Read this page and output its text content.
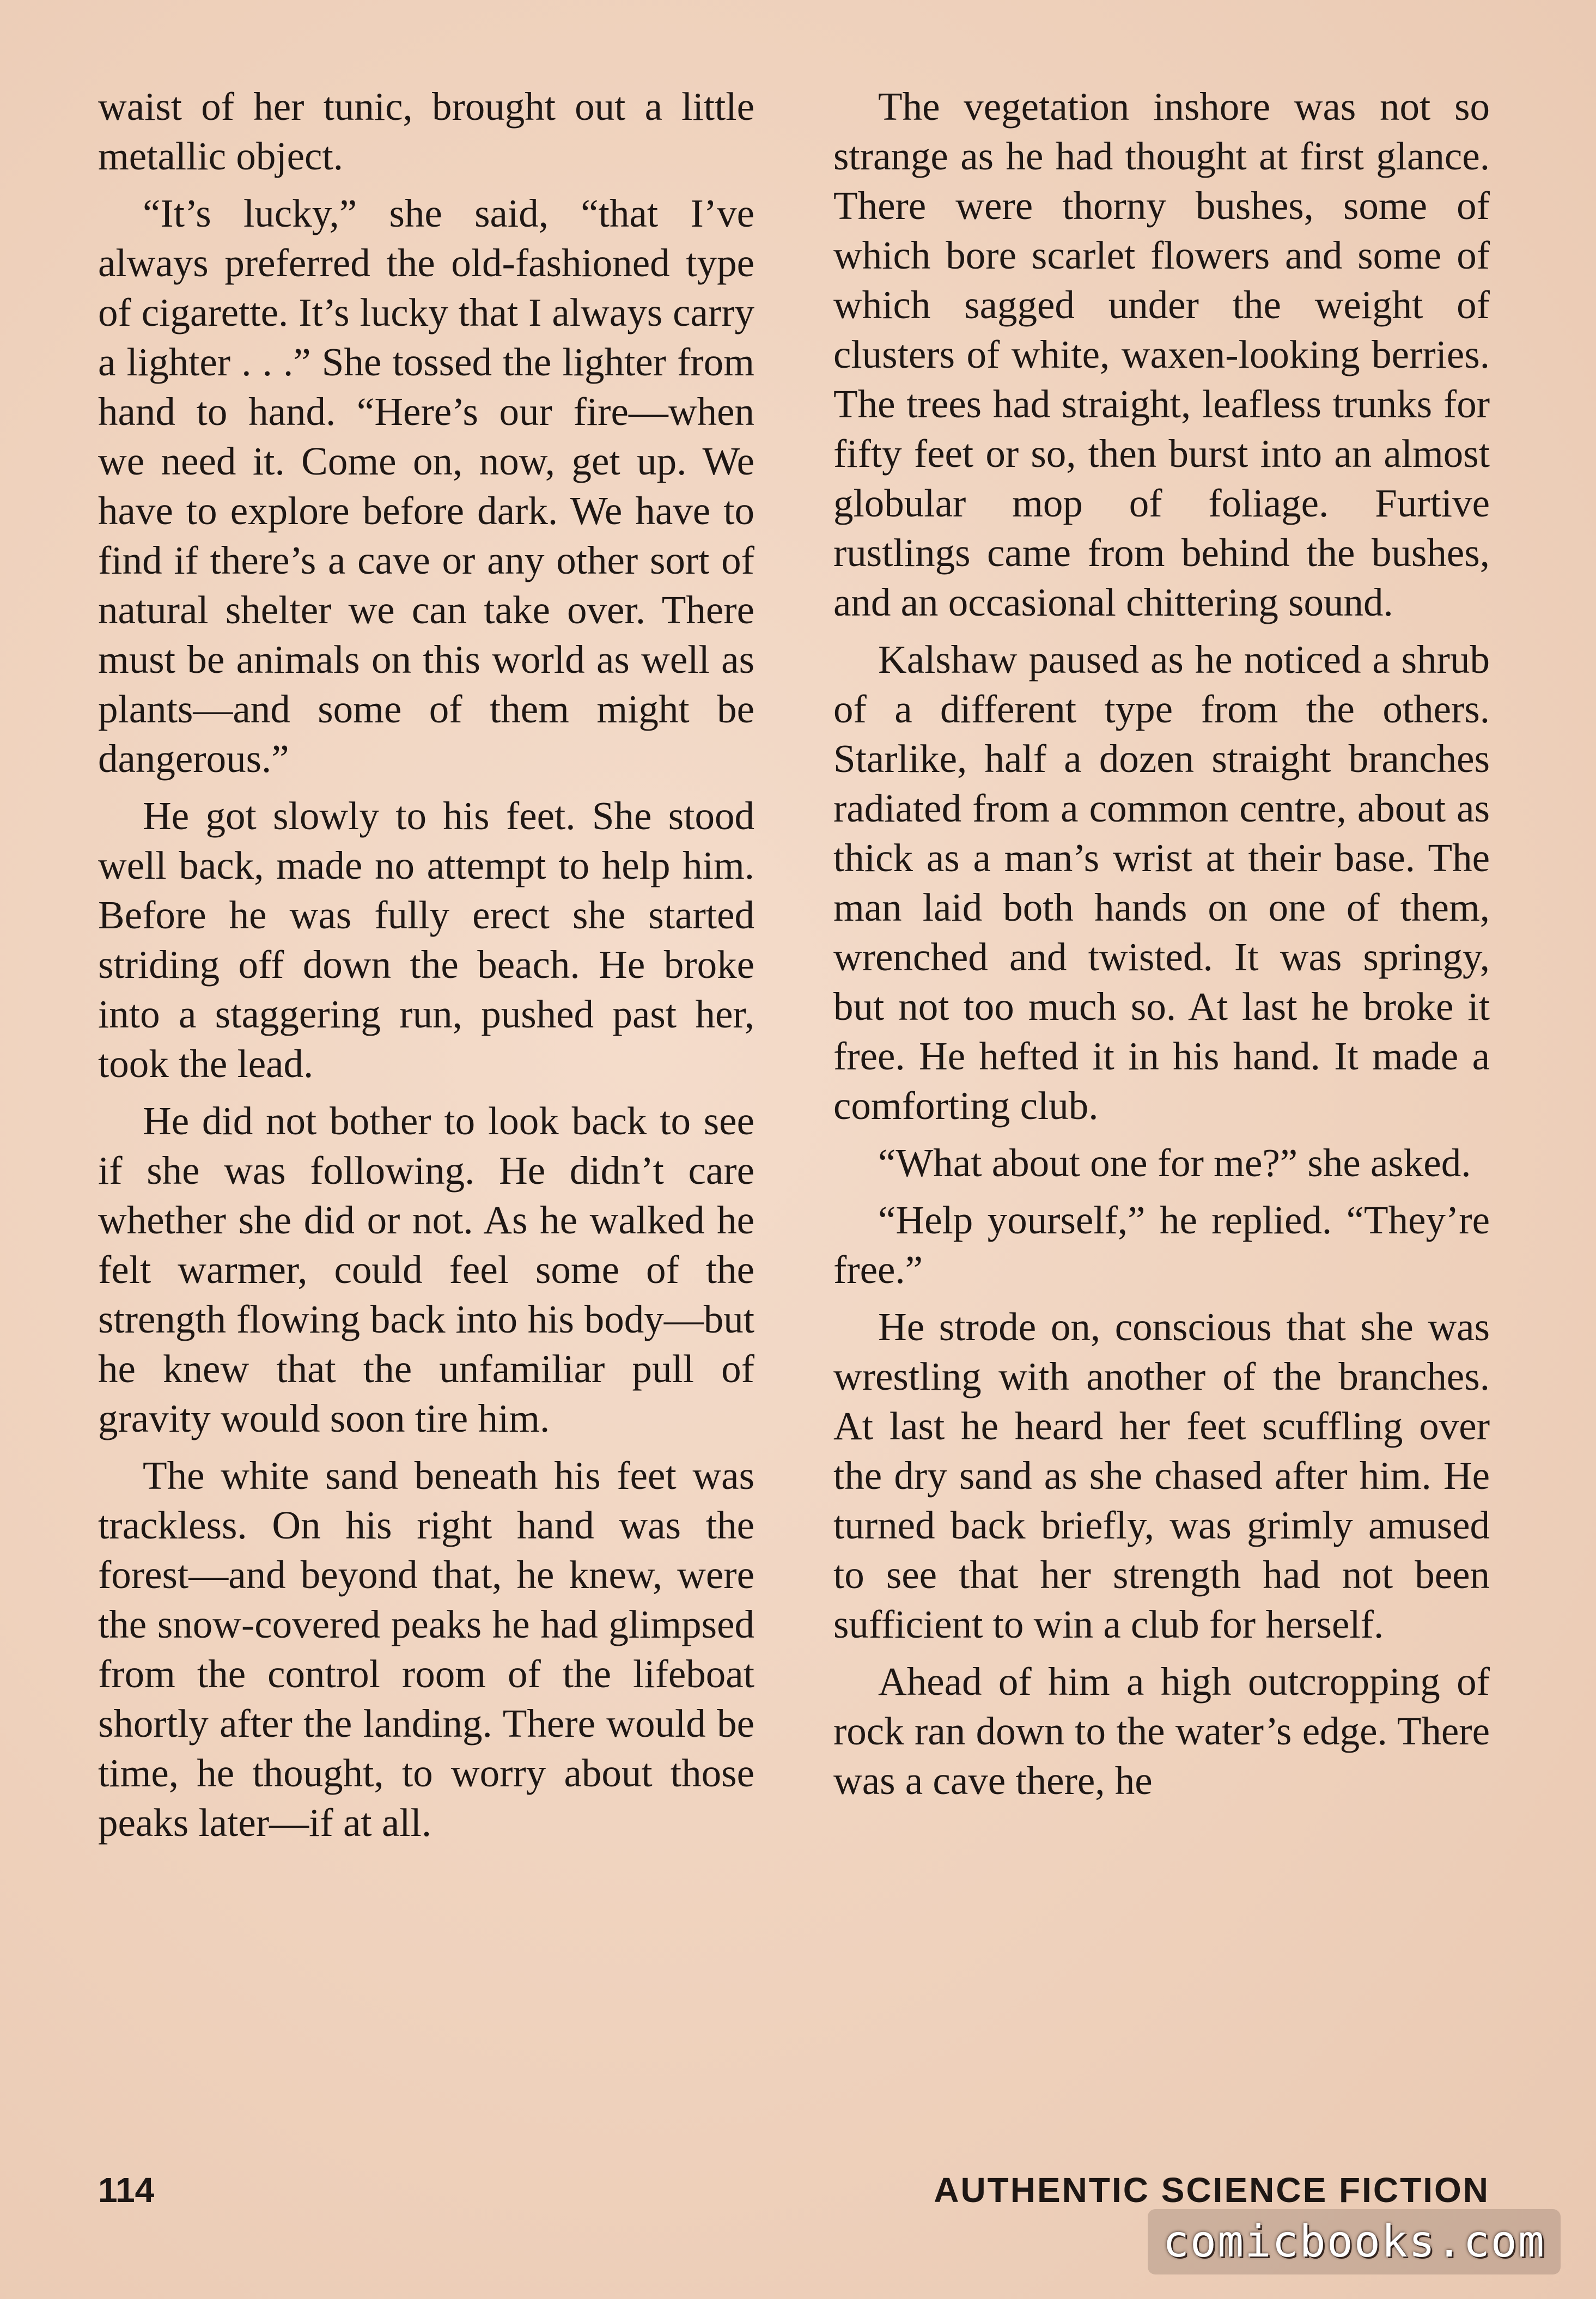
waist of her tunic, brought out a little metallic object.

“It’s lucky,” she said, “that I’ve always preferred the old-fashioned type of cigarette. It’s lucky that I always carry a lighter . . .” She tossed the lighter from hand to hand. “Here’s our fire—when we need it. Come on, now, get up. We have to explore before dark. We have to find if there’s a cave or any other sort of natural shelter we can take over. There must be animals on this world as well as plants—and some of them might be dangerous.”

He got slowly to his feet. She stood well back, made no attempt to help him. Before he was fully erect she started striding off down the beach. He broke into a staggering run, pushed past her, took the lead.

He did not bother to look back to see if she was following. He didn’t care whether she did or not. As he walked he felt warmer, could feel some of the strength flowing back into his body—but he knew that the unfamiliar pull of gravity would soon tire him.

The white sand beneath his feet was trackless. On his right hand was the forest—and beyond that, he knew, were the snow-covered peaks he had glimpsed from the control room of the lifeboat shortly after the landing. There would be time, he thought, to worry about those peaks later—if at all.

The vegetation inshore was not so strange as he had thought at first glance. There were thorny bushes, some of which bore scarlet flowers and some of which sagged under the weight of clusters of white, waxen-looking berries. The trees had straight, leafless trunks for fifty feet or so, then burst into an almost globular mop of foliage. Furtive rustlings came from behind the bushes, and an occasional chittering sound.

Kalshaw paused as he noticed a shrub of a different type from the others. Starlike, half a dozen straight branches radiated from a common centre, about as thick as a man’s wrist at their base. The man laid both hands on one of them, wrenched and twisted. It was springy, but not too much so. At last he broke it free. He hefted it in his hand. It made a comforting club.

“What about one for me?” she asked.

“Help yourself,” he replied. “They’re free.”

He strode on, conscious that she was wrestling with another of the branches. At last he heard her feet scuffling over the dry sand as she chased after him. He turned back briefly, was grimly amused to see that her strength had not been sufficient to win a club for herself.

Ahead of him a high outcropping of rock ran down to the water’s edge. There was a cave there, he

114	AUTHENTIC SCIENCE FICTION
comicbooks.com
